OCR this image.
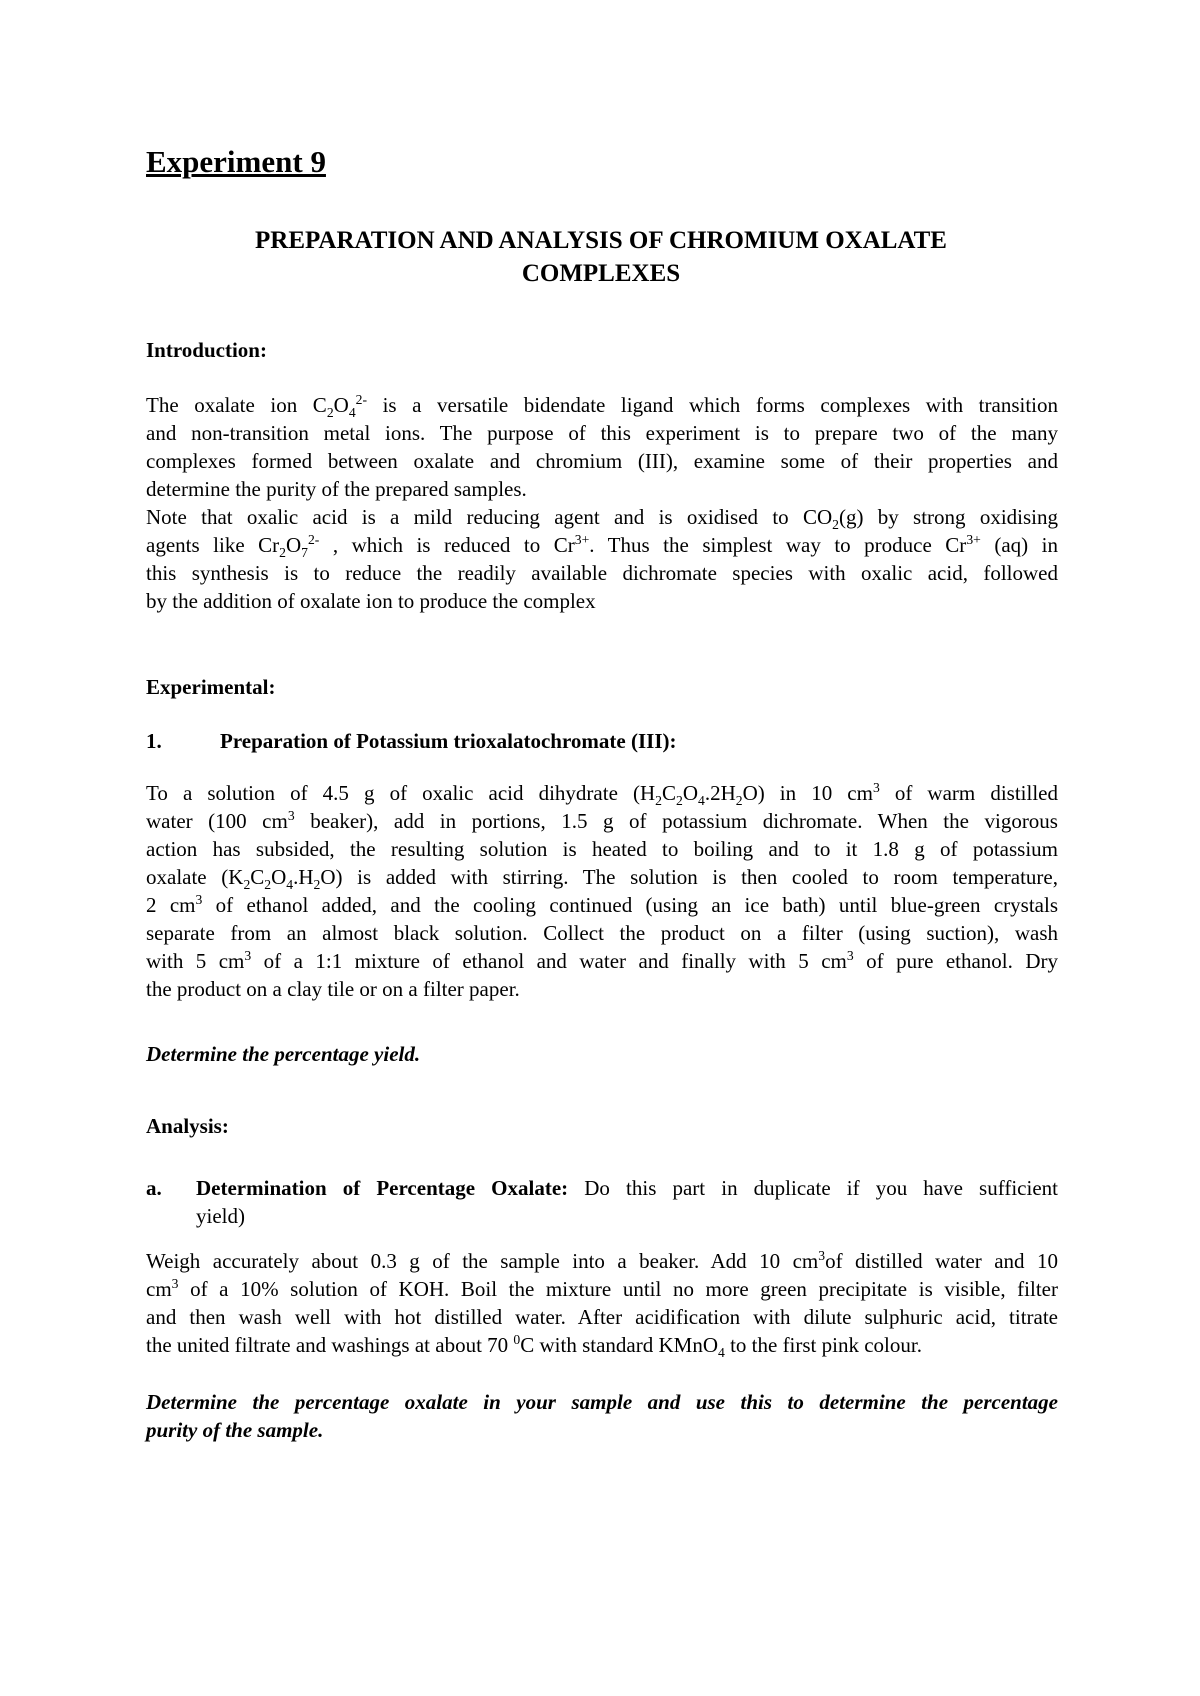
Experiment 9
PREPARATION AND ANALYSIS OF CHROMIUM OXALATE
COMPLEXES
Introduction:
The oxalate ion $C_2O_4^{2-}$ is a versatile bidendate ligand which forms complexes with transition
and non-transition metal ions. The purpose of this experiment is to prepare two of the many
complexes formed between oxalate and chromium (III), examine some of their properties and
determine the purity of the prepared samples.
Note that oxalic acid is a mild reducing agent and is oxidised to $CO_2(g)$ by strong oxidising
agents like $Cr_2O_7^{2-}$ , which is reduced to $Cr^{3+}$. Thus the simplest way to produce $Cr^{3+}$ (aq) in
this synthesis is to reduce the readily available dichromate species with oxalic acid, followed
by the addition of oxalate ion to produce the complex
Experimental:
1.	Preparation of Potassium trioxalatochromate (III):
To a solution of 4.5 g of oxalic acid dihydrate $(H_2C_2O_4.2H_2O)$ in 10 $cm^3$ of warm distilled
water (100 $cm^3$ beaker), add in portions, 1.5 g of potassium dichromate. When the vigorous
action has subsided, the resulting solution is heated to boiling and to it 1.8 g of potassium
oxalate $(K_2C_2O_4.H_2O)$ is added with stirring. The solution is then cooled to room temperature,
2 $cm^3$ of ethanol added, and the cooling continued (using an ice bath) until blue-green crystals
separate from an almost black solution. Collect the product on a filter (using suction), wash
with 5 $cm^3$ of a 1:1 mixture of ethanol and water and finally with 5 $cm^3$ of pure ethanol. Dry
the product on a clay tile or on a filter paper.

Determine the percentage yield.

Analysis:
a. Determination of Percentage Oxalate: Do this part in duplicate if you have sufficient
yield)
Weigh accurately about 0.3 g of the sample into a beaker. Add 10 $cm^3of$ distilled water and 10
$cm^3$ of a 10% solution of KOH. Boil the mixture until no more green precipitate is visible, filter
and then wash well with hot distilled water. After acidification with dilute sulphuric acid, titrate
the united filtrate and washings at about 70 $^0$C with standard KMnO$_4$ to the first pink colour.
Determine the percentage oxalate in your sample and use this to determine the percentage
purity of the sample.
